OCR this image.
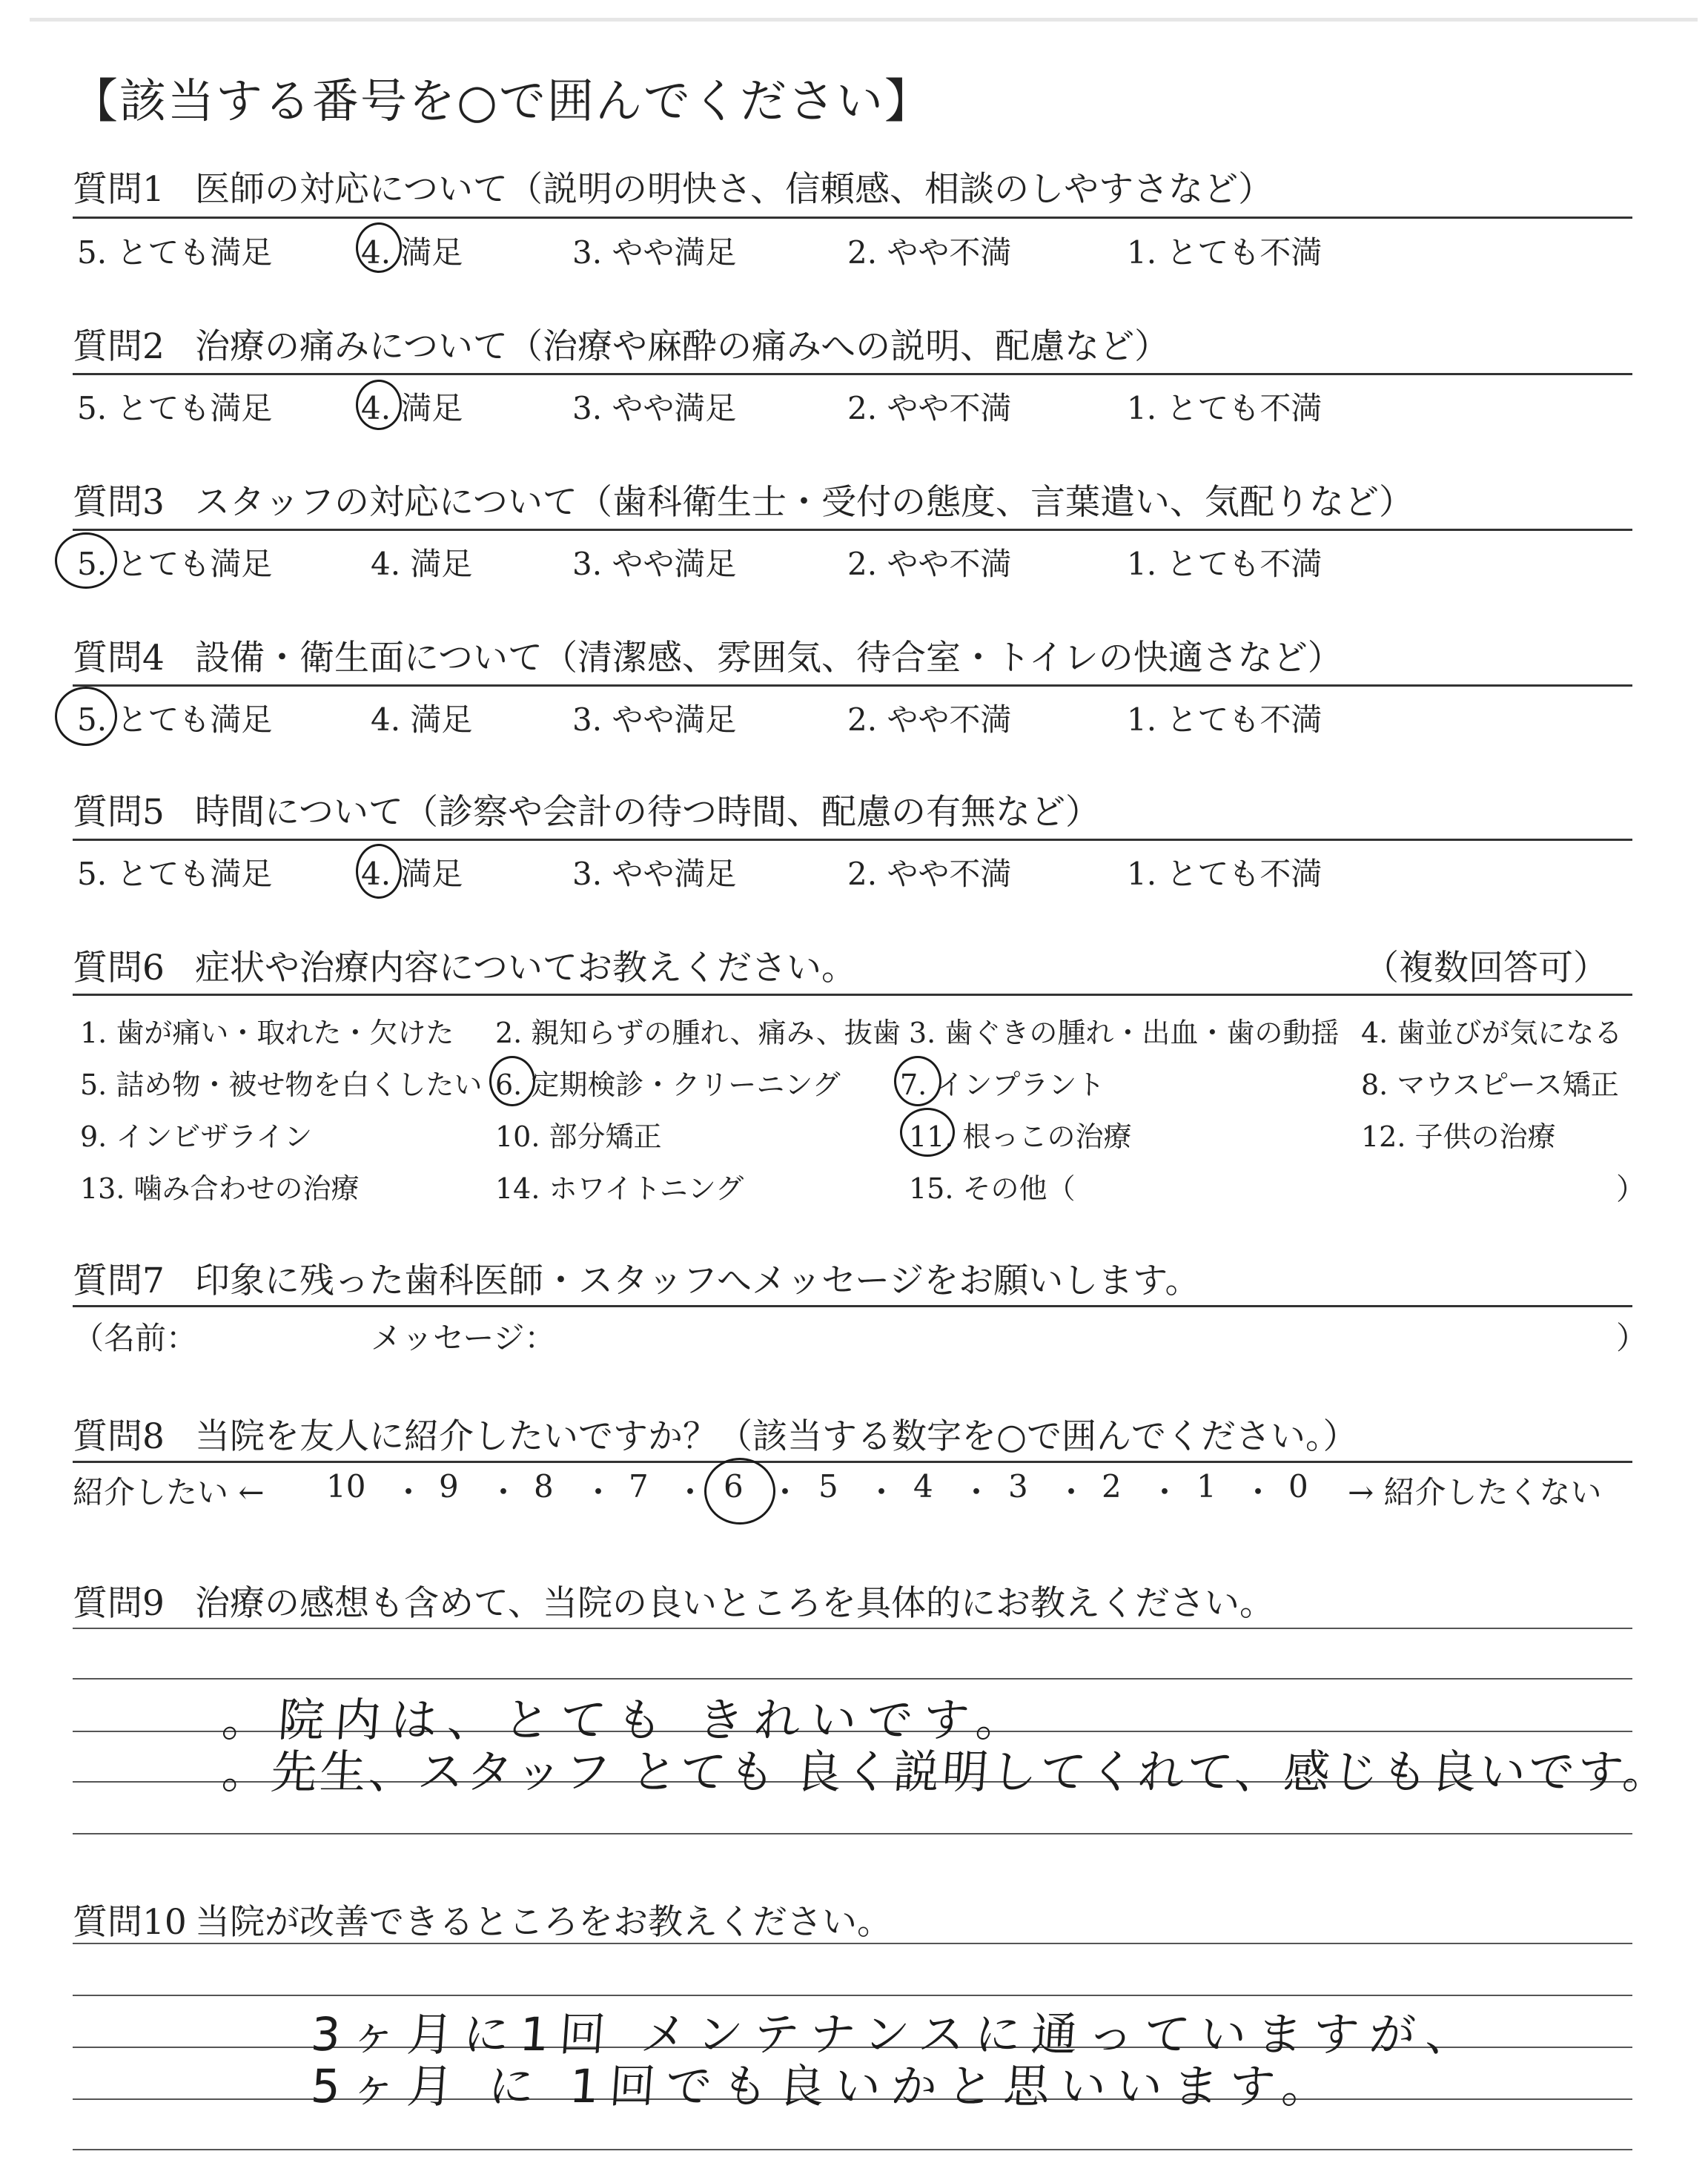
【該当する番号を○で囲んでください】
質問1 医師の対応について（説明の明快さ、信頼感、相談のしやすさなど）
5. とても満足	4. 満足	3. やや満足	2. やや不満	1. とても不満
質問2 治療の痛みについて（治療や麻酔の痛みへの説明、配慮など）
5. とても満足	4. 満足	3. やや満足	2. やや不満	1. とても不満
質問3 スタッフの対応について（歯科衛生士・受付の態度、言葉遣い、気配りなど）
5. とても満足	4. 満足	3. やや満足	2. やや不満	1. とても不満
質問4 設備・衛生面について（清潔感、雰囲気、待合室・トイレの快適さなど）
5. とても満足	4. 満足	3. やや満足	2. やや不満	1. とても不満
質問5 時間について（診察や会計の待つ時間、配慮の有無など）
5. とても満足	4. 満足	3. やや満足	2. やや不満	1. とても不満
質問6 症状や治療内容についてお教えください。	（複数回答可）
1. 歯が痛い・取れた・欠けた 2. 親知らずの腫れ、痛み、抜歯 3. 歯ぐきの腫れ・出血・歯の動揺 4. 歯並びが気になる
5. 詰め物・被せ物を白くしたい 6. 定期検診・クリーニング 7. インプラント	8. マウスピース矯正
9. インビザライン	10. 部分矯正	11. 根っこの治療	12. 子供の治療
13. 噛み合わせの治療	14. ホワイトニング	15. その他（	）
質問7 印象に残った歯科医師・スタッフへメッセージをお願いします。
（名前：	メッセージ：	）
質問8 当院を友人に紹介したいですか？（該当する数字を○で囲んでください。）
紹介したい ← 10 ・ 9 ・ 8 ・ 7 ・ 6 ・ 5 ・ 4 ・ 3 ・ 2 ・ 1 ・ 0 → 紹介したくない
質問9 治療の感想も含めて、当院の良いところを具体的にお教えください。
。院内は、とても きれいです。
。先生、スタッフ とても 良く説明してくれて、感じも良いです。
質問10 当院が改善できるところをお教えください。
3ヶ月に1回 メンテナンスに通っていますが、
5ヶ月 に 1回でも良いかと思いいます。
